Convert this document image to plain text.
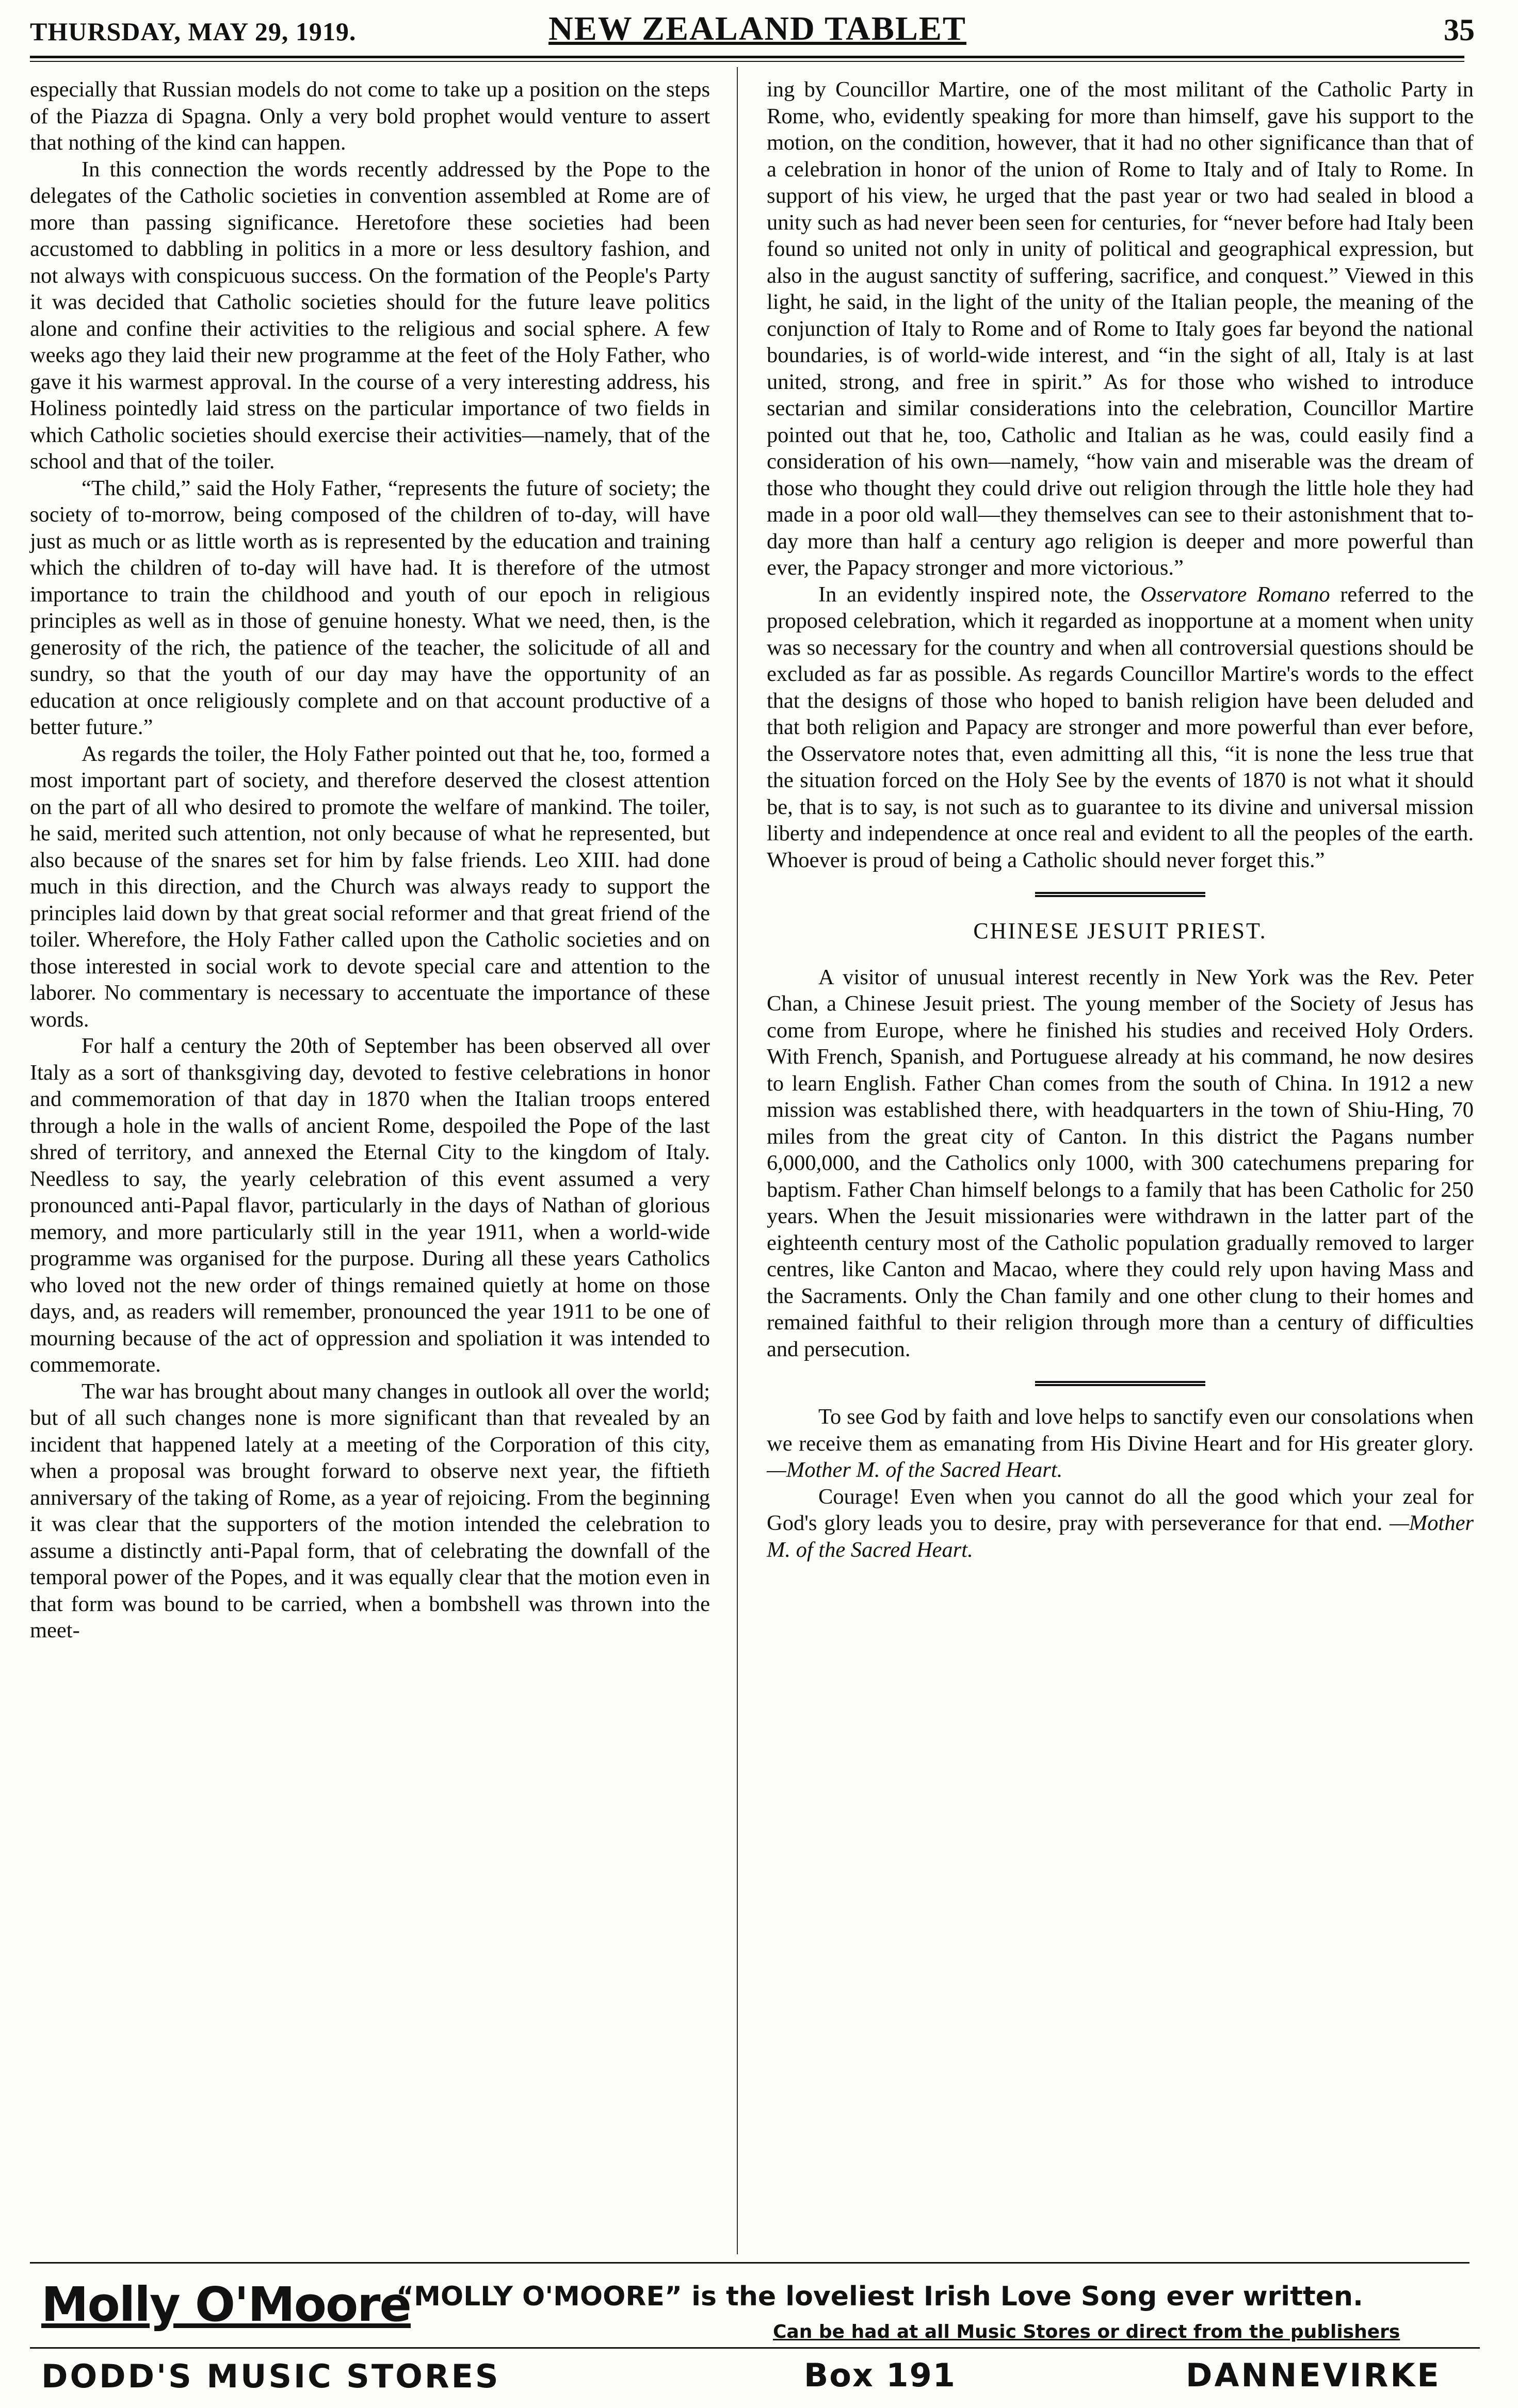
THURSDAY, MAY 29, 1919.	NEW ZEALAND TABLET	35

especially that Russian models do not come to take up a position on the steps of the Piazza di Spagna. Only a very bold prophet would venture to assert that nothing of the kind can happen.

In this connection the words recently addressed by the Pope to the delegates of the Catholic societies in convention assembled at Rome are of more than passing significance. Heretofore these societies had been accustomed to dabbling in politics in a more or less desultory fashion, and not always with conspicuous success. On the formation of the People's Party it was decided that Catholic societies should for the future leave politics alone and confine their activities to the religious and social sphere. A few weeks ago they laid their new programme at the feet of the Holy Father, who gave it his warmest approval. In the course of a very interesting address, his Holiness pointedly laid stress on the particular importance of two fields in which Catholic societies should exercise their activities—namely, that of the school and that of the toiler.

“The child,” said the Holy Father, “represents the future of society; the society of to-morrow, being composed of the children of to-day, will have just as much or as little worth as is represented by the education and training which the children of to-day will have had. It is therefore of the utmost importance to train the childhood and youth of our epoch in religious principles as well as in those of genuine honesty. What we need, then, is the generosity of the rich, the patience of the teacher, the solicitude of all and sundry, so that the youth of our day may have the opportunity of an education at once religiously complete and on that account productive of a better future.”

As regards the toiler, the Holy Father pointed out that he, too, formed a most important part of society, and therefore deserved the closest attention on the part of all who desired to promote the welfare of mankind. The toiler, he said, merited such attention, not only because of what he represented, but also because of the snares set for him by false friends. Leo XIII. had done much in this direction, and the Church was always ready to support the principles laid down by that great social reformer and that great friend of the toiler. Wherefore, the Holy Father called upon the Catholic societies and on those interested in social work to devote special care and attention to the laborer. No commentary is necessary to accentuate the importance of these words.

For half a century the 20th of September has been observed all over Italy as a sort of thanksgiving day, devoted to festive celebrations in honor and commemoration of that day in 1870 when the Italian troops entered through a hole in the walls of ancient Rome, despoiled the Pope of the last shred of territory, and annexed the Eternal City to the kingdom of Italy. Needless to say, the yearly celebration of this event assumed a very pronounced anti-Papal flavor, particularly in the days of Nathan of glorious memory, and more particularly still in the year 1911, when a world-wide programme was organised for the purpose. During all these years Catholics who loved not the new order of things remained quietly at home on those days, and, as readers will remember, pronounced the year 1911 to be one of mourning because of the act of oppression and spoliation it was intended to commemorate.

The war has brought about many changes in outlook all over the world; but of all such changes none is more significant than that revealed by an incident that happened lately at a meeting of the Corporation of this city, when a proposal was brought forward to observe next year, the fiftieth anniversary of the taking of Rome, as a year of rejoicing. From the beginning it was clear that the supporters of the motion intended the celebration to assume a distinctly anti-Papal form, that of celebrating the downfall of the temporal power of the Popes, and it was equally clear that the motion even in that form was bound to be carried, when a bombshell was thrown into the meet-

ing by Councillor Martire, one of the most militant of the Catholic Party in Rome, who, evidently speaking for more than himself, gave his support to the motion, on the condition, however, that it had no other significance than that of a celebration in honor of the union of Rome to Italy and of Italy to Rome. In support of his view, he urged that the past year or two had sealed in blood a unity such as had never been seen for centuries, for “never before had Italy been found so united not only in unity of political and geographical expression, but also in the august sanctity of suffering, sacrifice, and conquest.” Viewed in this light, he said, in the light of the unity of the Italian people, the meaning of the conjunction of Italy to Rome and of Rome to Italy goes far beyond the national boundaries, is of world-wide interest, and “in the sight of all, Italy is at last united, strong, and free in spirit.” As for those who wished to introduce sectarian and similar considerations into the celebration, Councillor Martire pointed out that he, too, Catholic and Italian as he was, could easily find a consideration of his own—namely, “how vain and miserable was the dream of those who thought they could drive out religion through the little hole they had made in a poor old wall—they themselves can see to their astonishment that to-day more than half a century ago religion is deeper and more powerful than ever, the Papacy stronger and more victorious.”

In an evidently inspired note, the Osservatore Romano referred to the proposed celebration, which it regarded as inopportune at a moment when unity was so necessary for the country and when all controversial questions should be excluded as far as possible. As regards Councillor Martire's words to the effect that the designs of those who hoped to banish religion have been deluded and that both religion and Papacy are stronger and more powerful than ever before, the Osservatore notes that, even admitting all this, “it is none the less true that the situation forced on the Holy See by the events of 1870 is not what it should be, that is to say, is not such as to guarantee to its divine and universal mission liberty and independence at once real and evident to all the peoples of the earth. Whoever is proud of being a Catholic should never forget this.”

CHINESE JESUIT PRIEST.

A visitor of unusual interest recently in New York was the Rev. Peter Chan, a Chinese Jesuit priest. The young member of the Society of Jesus has come from Europe, where he finished his studies and received Holy Orders. With French, Spanish, and Portuguese already at his command, he now desires to learn English. Father Chan comes from the south of China. In 1912 a new mission was established there, with headquarters in the town of Shiu-Hing, 70 miles from the great city of Canton. In this district the Pagans number 6,000,000, and the Catholics only 1000, with 300 catechumens preparing for baptism. Father Chan himself belongs to a family that has been Catholic for 250 years. When the Jesuit missionaries were withdrawn in the latter part of the eighteenth century most of the Catholic population gradually removed to larger centres, like Canton and Macao, where they could rely upon having Mass and the Sacraments. Only the Chan family and one other clung to their homes and remained faithful to their religion through more than a century of difficulties and persecution.

To see God by faith and love helps to sanctify even our consolations when we receive them as emanating from His Divine Heart and for His greater glory. —Mother M. of the Sacred Heart.

Courage! Even when you cannot do all the good which your zeal for God's glory leads you to desire, pray with perseverance for that end. —Mother M. of the Sacred Heart.

Molly O'Moore
“MOLLY O'MOORE” is the loveliest Irish Love Song ever written.
Can be had at all Music Stores or direct from the publishers
DODD'S MUSIC STORES	Box 191	DANNEVIRKE
